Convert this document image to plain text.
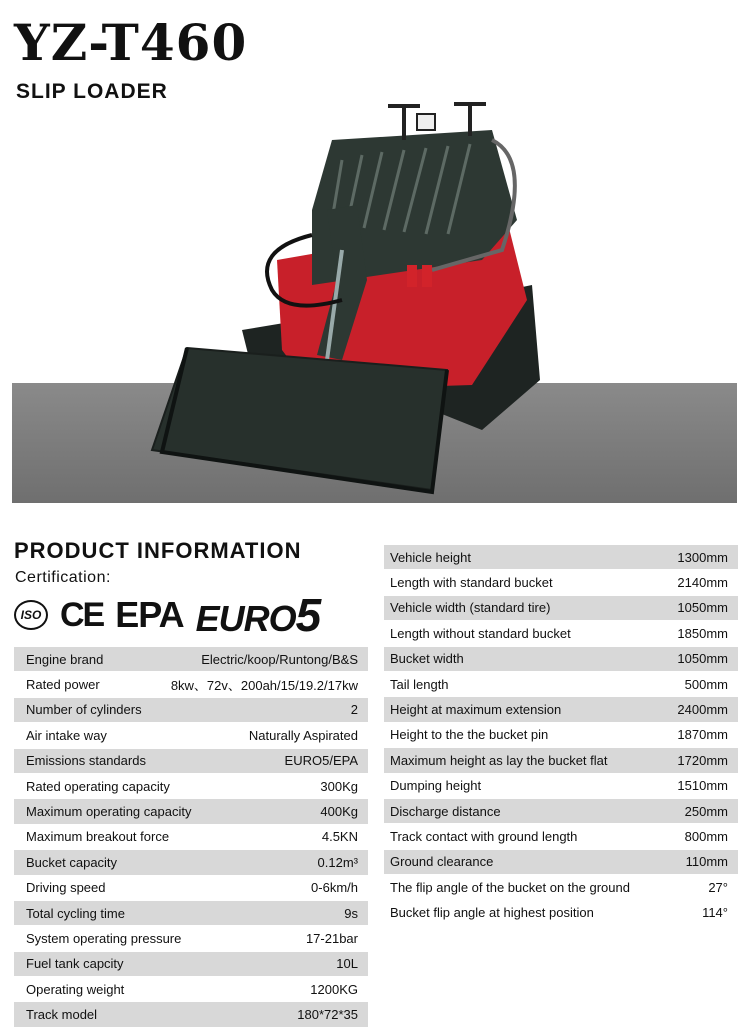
YZ-T460
SLIP LOADER
PRODUCT INFORMATION
Certification:
ISO CE EPA EURO5
Engine brand	Electric/koop/Runtong/B&S
Rated power	8kw、72v、200ah/15/19.2/17kw
Number of cylinders	2
Air intake way	Naturally Aspirated
Emissions standards	EURO5/EPA
Rated operating capacity	300Kg
Maximum operating capacity	400Kg
Maximum breakout force	4.5KN
Bucket capacity	0.12m³
Driving speed	0-6km/h
Total cycling time	9s
System operating pressure	17-21bar
Fuel tank capcity	10L
Operating weight	1200KG
Track model	180*72*35
Vehicle height	1300mm
Length with standard bucket	2140mm
Vehicle width (standard tire)	1050mm
Length without standard bucket	1850mm
Bucket width	1050mm
Tail length	500mm
Height at maximum extension	2400mm
Height to the the bucket pin	1870mm
Maximum height as lay the bucket flat	1720mm
Dumping height	1510mm
Discharge distance	250mm
Track contact with ground length	800mm
Ground clearance	110mm
The flip angle of the bucket on the ground	27°
Bucket flip angle at highest position	114°
